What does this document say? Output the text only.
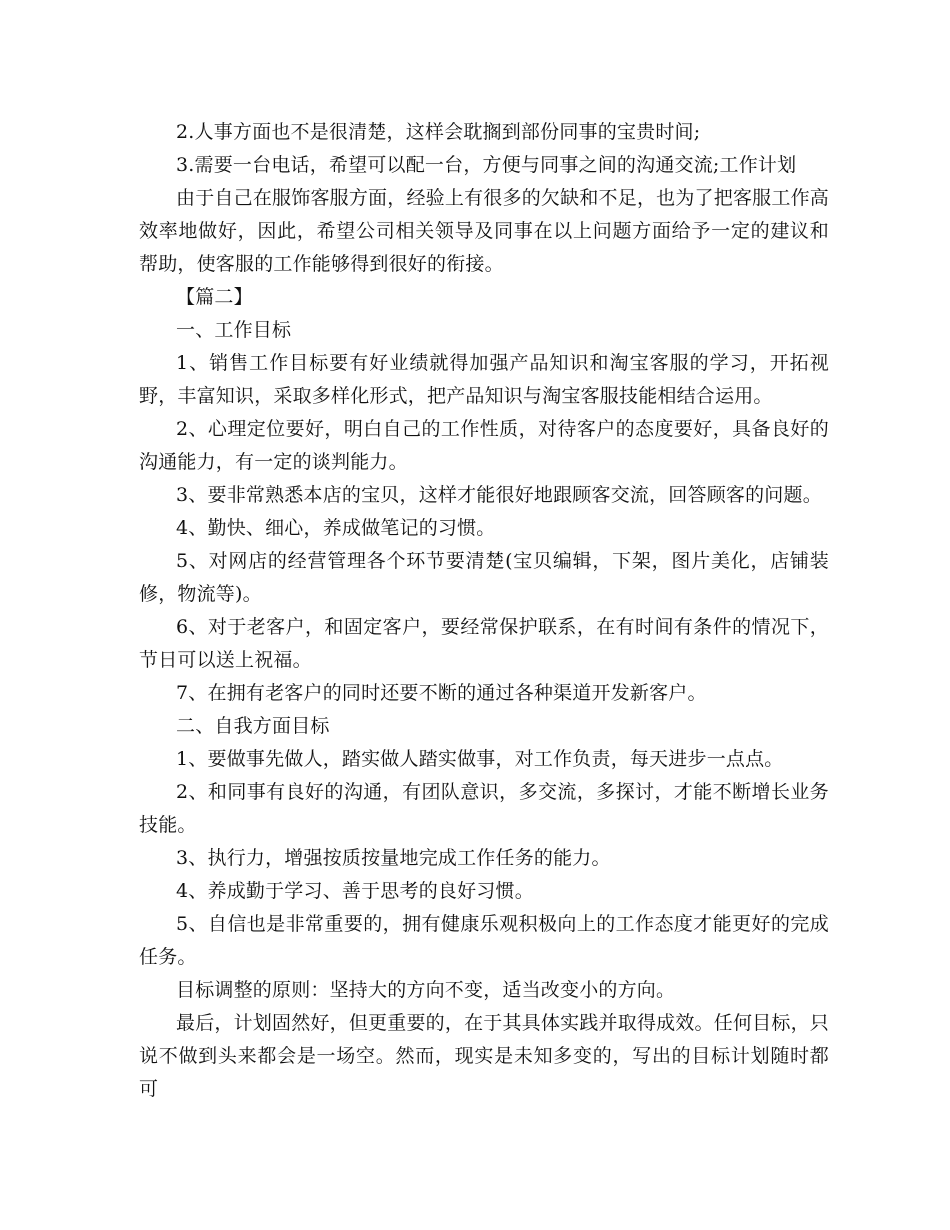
2.人事方面也不是很清楚，这样会耽搁到部份同事的宝贵时间;

3.需要一台电话，希望可以配一台，方便与同事之间的沟通交流;工作计划

由于自己在服饰客服方面，经验上有很多的欠缺和不足，也为了把客服工作高效率地做好，因此，希望公司相关领导及同事在以上问题方面给予一定的建议和帮助，使客服的工作能够得到很好的衔接。

【篇二】

一、工作目标

1、销售工作目标要有好业绩就得加强产品知识和淘宝客服的学习，开拓视野，丰富知识，采取多样化形式，把产品知识与淘宝客服技能相结合运用。

2、心理定位要好，明白自己的工作性质，对待客户的态度要好，具备良好的沟通能力，有一定的谈判能力。

3、要非常熟悉本店的宝贝，这样才能很好地跟顾客交流，回答顾客的问题。

4、勤快、细心，养成做笔记的习惯。

5、对网店的经营管理各个环节要清楚(宝贝编辑，下架，图片美化，店铺装修，物流等)。

6、对于老客户，和固定客户，要经常保护联系，在有时间有条件的情况下，节日可以送上祝福。

7、在拥有老客户的同时还要不断的通过各种渠道开发新客户。

二、自我方面目标

1、要做事先做人，踏实做人踏实做事，对工作负责，每天进步一点点。

2、和同事有良好的沟通，有团队意识，多交流，多探讨，才能不断增长业务技能。

3、执行力，增强按质按量地完成工作任务的能力。

4、养成勤于学习、善于思考的良好习惯。

5、自信也是非常重要的，拥有健康乐观积极向上的工作态度才能更好的完成任务。

目标调整的原则：坚持大的方向不变，适当改变小的方向。

最后，计划固然好，但更重要的，在于其具体实践并取得成效。任何目标，只说不做到头来都会是一场空。然而，现实是未知多变的，写出的目标计划随时都可
